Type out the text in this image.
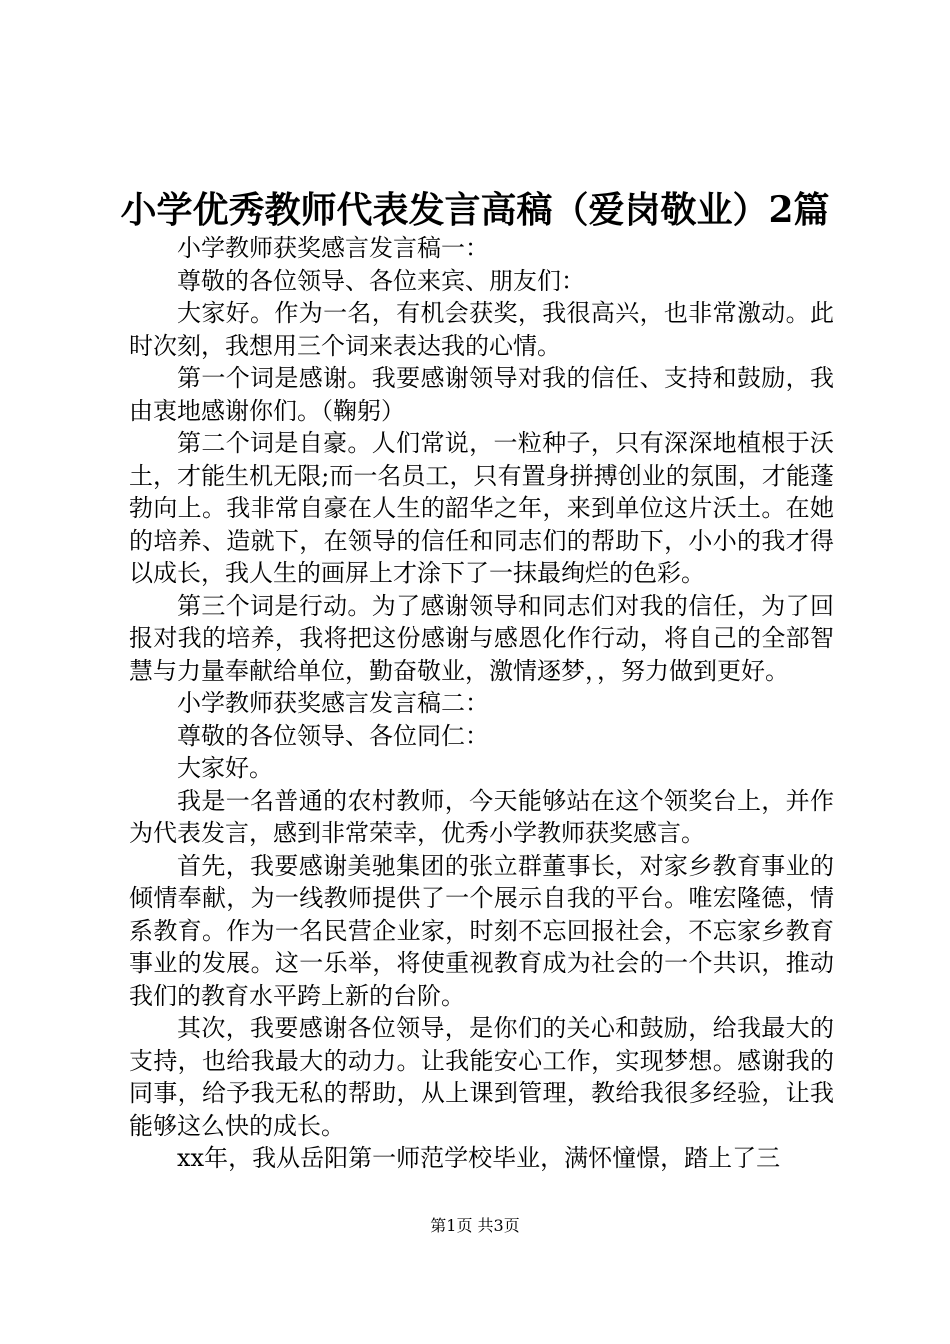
小学优秀教师代表发言高稿（爱岗敬业）2篇

小学教师获奖感言发言稿一：

尊敬的各位领导、各位来宾、朋友们：

大家好。作为一名，有机会获奖，我很高兴，也非常激动。此时次刻，我想用三个词来表达我的心情。

第一个词是感谢。我要感谢领导对我的信任、支持和鼓励，我由衷地感谢你们。（鞠躬）

第二个词是自豪。人们常说，一粒种子，只有深深地植根于沃土，才能生机无限;而一名员工，只有置身拼搏创业的氛围，才能蓬勃向上。我非常自豪在人生的韶华之年，来到单位这片沃土。在她的培养、造就下，在领导的信任和同志们的帮助下，小小的我才得以成长，我人生的画屏上才涂下了一抹最绚烂的色彩。

第三个词是行动。为了感谢领导和同志们对我的信任，为了回报对我的培养，我将把这份感谢与感恩化作行动，将自己的全部智慧与力量奉献给单位，勤奋敬业，激情逐梦，，努力做到更好。

小学教师获奖感言发言稿二：

尊敬的各位领导、各位同仁：

大家好。

我是一名普通的农村教师，今天能够站在这个领奖台上，并作为代表发言，感到非常荣幸，优秀小学教师获奖感言。

首先，我要感谢美驰集团的张立群董事长，对家乡教育事业的倾情奉献，为一线教师提供了一个展示自我的平台。唯宏隆德，情系教育。作为一名民营企业家，时刻不忘回报社会，不忘家乡教育事业的发展。这一乐举，将使重视教育成为社会的一个共识，推动我们的教育水平跨上新的台阶。

其次，我要感谢各位领导，是你们的关心和鼓励，给我最大的支持，也给我最大的动力。让我能安心工作，实现梦想。感谢我的同事，给予我无私的帮助，从上课到管理，教给我很多经验，让我能够这么快的成长。

xx年，我从岳阳第一师范学校毕业，满怀憧憬，踏上了三

第1页 共3页
